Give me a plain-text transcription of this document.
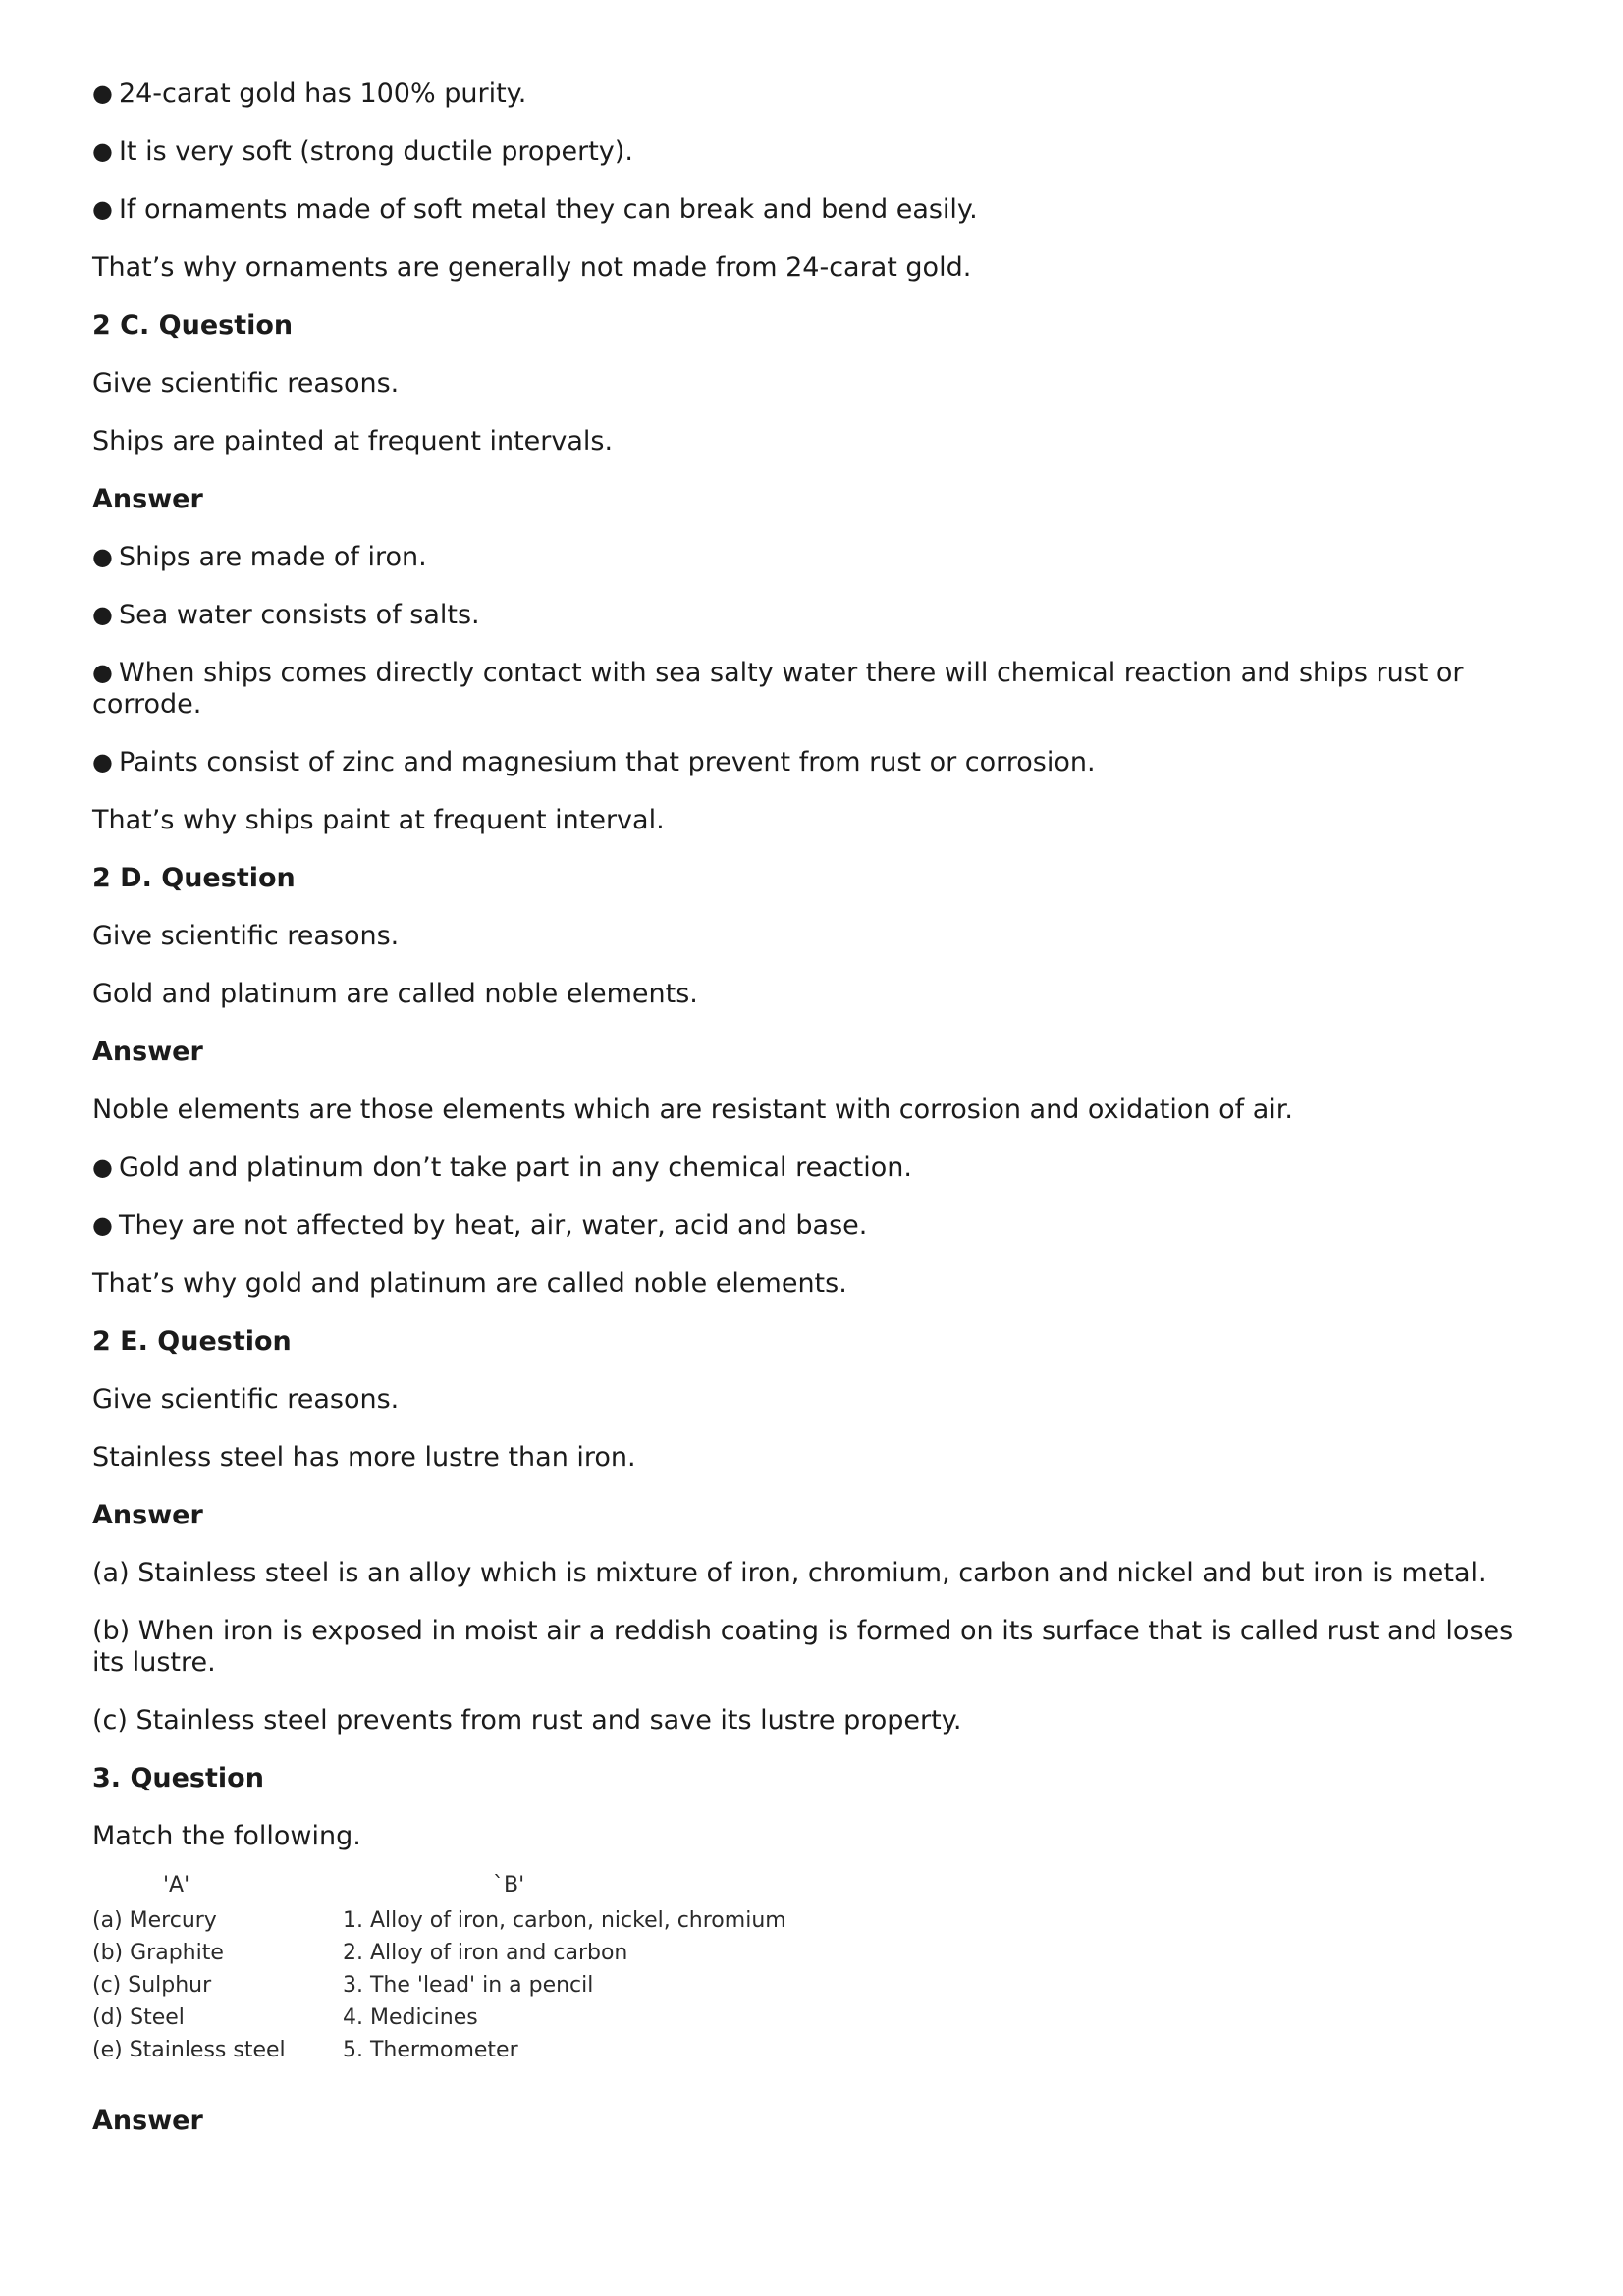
● 24-carat gold has 100% purity.
● It is very soft (strong ductile property).
● If ornaments made of soft metal they can break and bend easily.
That’s why ornaments are generally not made from 24-carat gold.
2 C. Question
Give scientific reasons.
Ships are painted at frequent intervals.
Answer
● Ships are made of iron.
● Sea water consists of salts.
● When ships comes directly contact with sea salty water there will chemical reaction and ships rust or corrode.
● Paints consist of zinc and magnesium that prevent from rust or corrosion.
That’s why ships paint at frequent interval.
2 D. Question
Give scientific reasons.
Gold and platinum are called noble elements.
Answer
Noble elements are those elements which are resistant with corrosion and oxidation of air.
● Gold and platinum don’t take part in any chemical reaction.
● They are not affected by heat, air, water, acid and base.
That’s why gold and platinum are called noble elements.
2 E. Question
Give scientific reasons.
Stainless steel has more lustre than iron.
Answer
(a) Stainless steel is an alloy which is mixture of iron, chromium, carbon and nickel and but iron is metal.
(b) When iron is exposed in moist air a reddish coating is formed on its surface that is called rust and loses its lustre.
(c) Stainless steel prevents from rust and save its lustre property.
3. Question
Match the following.
'A'	`B'
(a) Mercury	1. Alloy of iron, carbon, nickel, chromium
(b) Graphite	2. Alloy of iron and carbon
(c) Sulphur	3. The 'lead' in a pencil
(d) Steel	4. Medicines
(e) Stainless steel	5. Thermometer
Answer
